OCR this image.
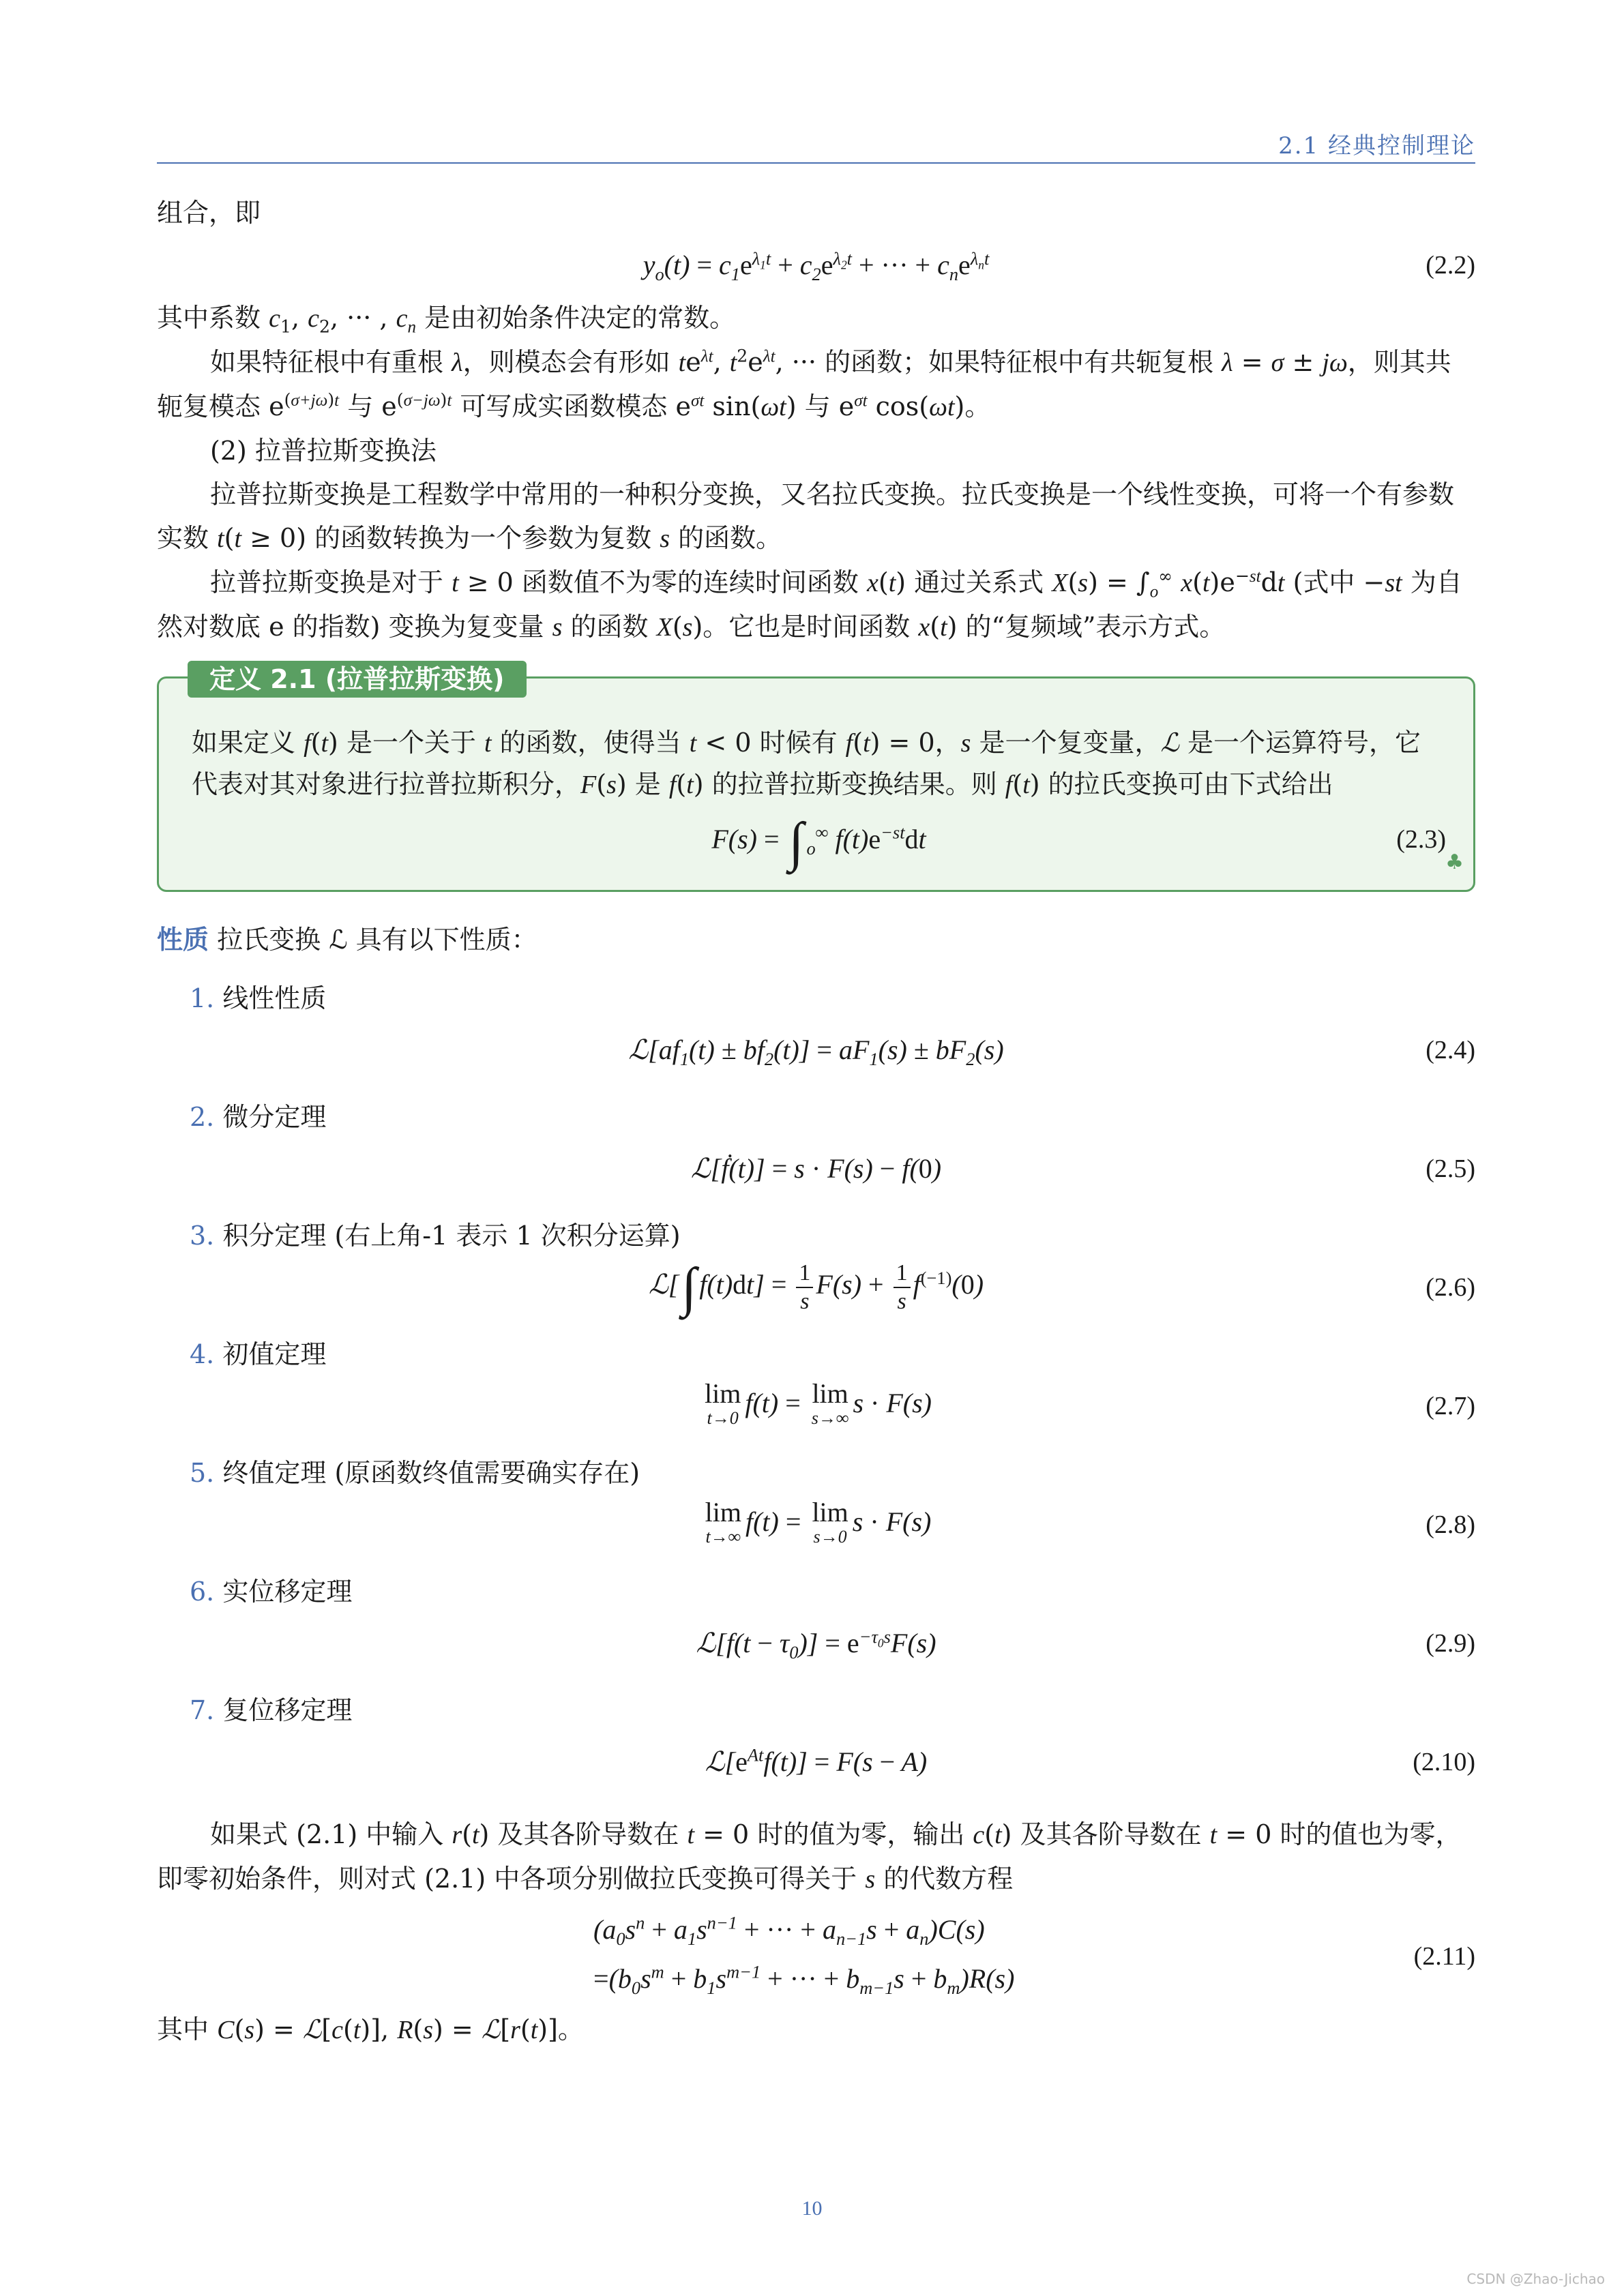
2.1 经典控制理论

组合，即

$y_o(t) = c_1e^{\lambda_1t} + c_2e^{\lambda_2t}$ + ··· + $c_ne^{\lambda_nt}$	(2.2)

其中系数 $c_1$, $c_2$, ··· , $c_n$ 是由初始条件决定的常数。

如果特征根中有重根 λ，则模态会有形如 $te^{\lambda t}$, $t^2e^{\lambda t}$, ··· 的函数；如果特征根中有共轭复根 λ = σ ± jω，则其共轭复模态 $e^{(\sigma+j\omega)t}$ 与 $e^{(\sigma-j\omega)t}$ 可写成实函数模态 $e^{\sigma t}$ sin(ωt) 与 $e^{\sigma t}$ cos(ωt)。

(2) 拉普拉斯变换法

拉普拉斯变换是工程数学中常用的一种积分变换，又名拉氏变换。拉氏变换是一个线性变换，可将一个有参数实数 t(t ≥ 0) 的函数转换为一个参数为复数 s 的函数。

拉普拉斯变换是对于 t ≥ 0 函数值不为零的连续时间函数 x(t) 通过关系式 $X(s) = \int_o^\infty$ $x(t)e^{-st}dt$ (式中 −st 为自然对数底 e 的指数) 变换为复变量 s 的函数 X(s)。它也是时间函数 x(t) 的“复频域”表示方式。

定义 2.1 (拉普拉斯变换)

如果定义 f(t) 是一个关于 t 的函数，使得当 t < 0 时候有 f(t) = 0，s 是一个复变量，ℒ 是一个运算符号，它代表对其对象进行拉普拉斯积分，F(s) 是 f(t) 的拉普拉斯变换结果。则 f(t) 的拉氏变换可由下式给出

F(s) = ∫ $_o$∞ $f(t)e^{-st}dt$	(2.3)
♣

性质 拉氏变换 ℒ 具有以下性质：

1. 线性性质
$ℒ[af_1(t) \pm bf_2(t)] = aF_1(s) \pm bF_2(s)$	(2.4)
2. 微分定理
ℒ[ḟ(t)] = s · F(s) − f(0)	(2.5)
3. 积分定理 (右上角-1 表示 1 次积分运算)
ℒ[∫ $f(t)dt] = \frac{1}{s} F(s) + \frac{1}{s} f^{(-1)}(0)$	(2.6)
4. 初值定理
lim
t→0 f(t) = lim
s→∞ s · F(s)	(2.7)
5. 终值定理 (原函数终值需要确实存在)
lim
t→∞ f(t) = lim
s→0 s · F(s)	(2.8)
6. 实位移定理
ℒ[f(t − $\tau_0)] = e^{-\tau_0s}F(s)$	(2.9)
7. 复位移定理
$ℒ[e^{At}f(t)] = F(s - A)$	(2.10)

如果式 (2.1) 中输入 r(t) 及其各阶导数在 t = 0 时的值为零，输出 c(t) 及其各阶导数在 t = 0 时的值也为零，即零初始条件，则对式 (2.1) 中各项分别做拉氏变换可得关于 s 的代数方程

($a_0s^n + a_1s^{n-1}$ + ··· + $a_{n-1}s + a_n)C(s)$
$=(b_0s^m + b_1s^{m-1}$ + ··· + $b_{m-1}s + b_m)R(s)$
(2.11)

其中 C(s) = ℒ[c(t)], R(s) = ℒ[r(t)]。

10
CSDN @Zhao-Jichao
